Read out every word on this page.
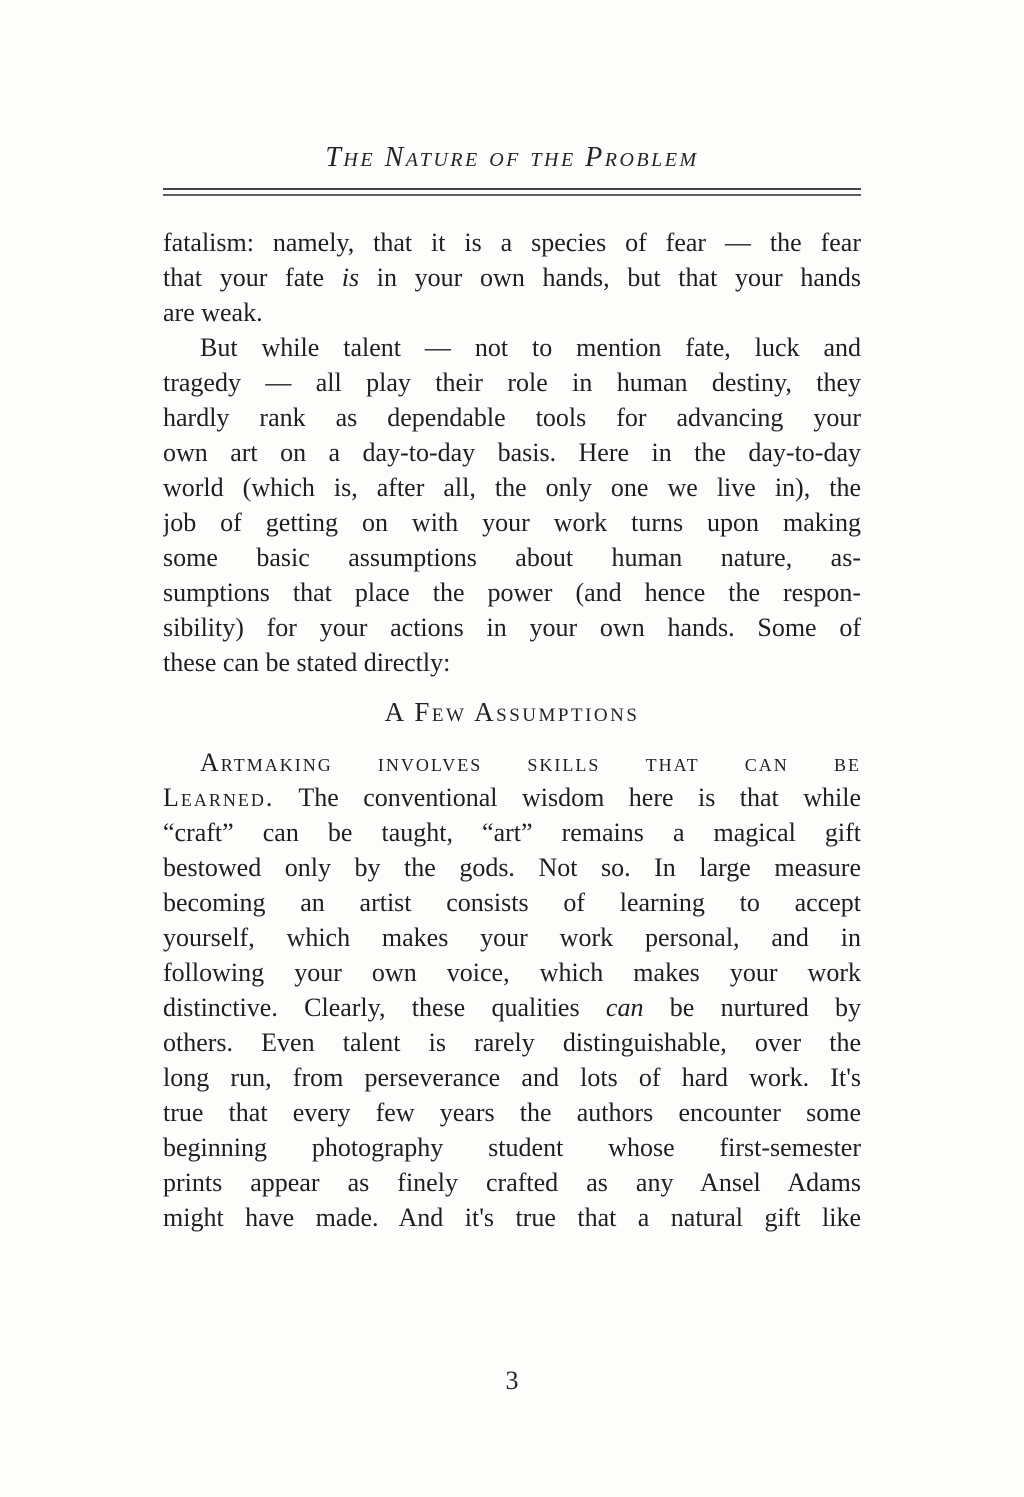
The Nature of the Problem
fatalism: namely, that it is a species of fear — the fear
that your fate is in your own hands, but that your hands
are weak.
But while talent — not to mention fate, luck and
tragedy — all play their role in human destiny, they
hardly rank as dependable tools for advancing your
own art on a day-to-day basis. Here in the day-to-day
world (which is, after all, the only one we live in), the
job of getting on with your work turns upon making
some basic assumptions about human nature, as-
sumptions that place the power (and hence the respon-
sibility) for your actions in your own hands. Some of
these can be stated directly:
A Few Assumptions
Artmaking involves skills that can be
Learned. The conventional wisdom here is that while
“craft” can be taught, “art” remains a magical gift
bestowed only by the gods. Not so. In large measure
becoming an artist consists of learning to accept
yourself, which makes your work personal, and in
following your own voice, which makes your work
distinctive. Clearly, these qualities can be nurtured by
others. Even talent is rarely distinguishable, over the
long run, from perseverance and lots of hard work. It's
true that every few years the authors encounter some
beginning photography student whose first-semester
prints appear as finely crafted as any Ansel Adams
might have made. And it's true that a natural gift like
3
